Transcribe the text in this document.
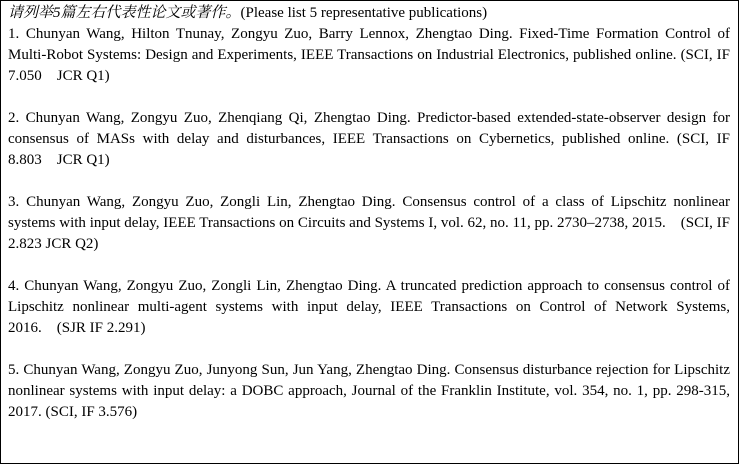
请列举5篇左右代表性论文或著作。(Please list 5 representative publications)

1. Chunyan Wang, Hilton Tnunay, Zongyu Zuo, Barry Lennox, Zhengtao Ding. Fixed-Time Formation Control of Multi-Robot Systems: Design and Experiments, IEEE Transactions on Industrial Electronics, published online. (SCI, IF 7.050    JCR Q1)

2. Chunyan Wang, Zongyu Zuo, Zhenqiang Qi, Zhengtao Ding. Predictor-based extended-state-observer design for consensus of MASs with delay and disturbances, IEEE Transactions on Cybernetics, published online. (SCI, IF 8.803    JCR Q1)

3. Chunyan Wang, Zongyu Zuo, Zongli Lin, Zhengtao Ding. Consensus control of a class of Lipschitz nonlinear systems with input delay, IEEE Transactions on Circuits and Systems I, vol. 62, no. 11, pp. 2730–2738, 2015.    (SCI, IF 2.823 JCR Q2)

4. Chunyan Wang, Zongyu Zuo, Zongli Lin, Zhengtao Ding. A truncated prediction approach to consensus control of Lipschitz nonlinear multi-agent systems with input delay, IEEE Transactions on Control of Network Systems, 2016.    (SJR IF 2.291)

5. Chunyan Wang, Zongyu Zuo, Junyong Sun, Jun Yang, Zhengtao Ding. Consensus disturbance rejection for Lipschitz nonlinear systems with input delay: a DOBC approach, Journal of the Franklin Institute, vol. 354, no. 1, pp. 298-315, 2017. (SCI, IF 3.576)
